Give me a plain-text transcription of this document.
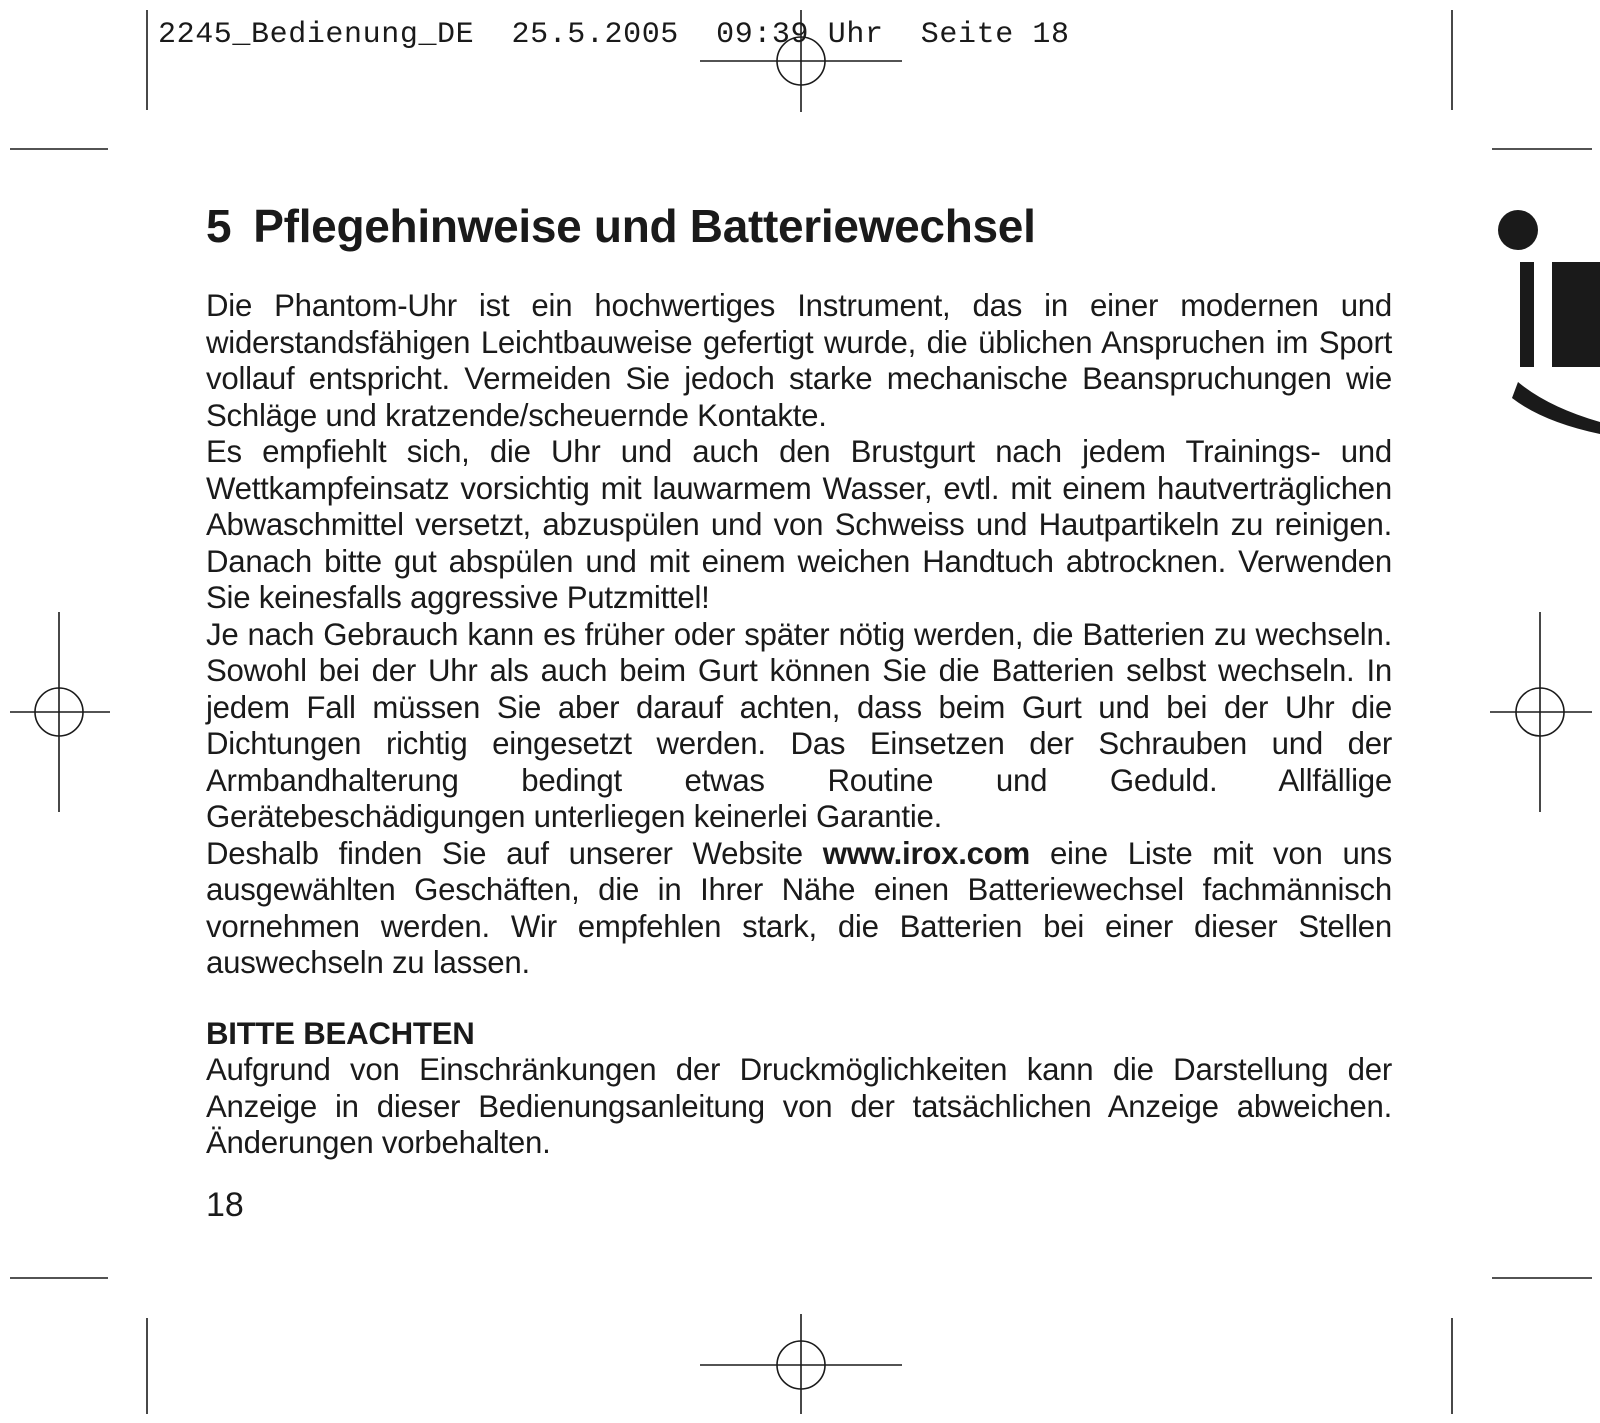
2245_Bedienung_DE 25.5.2005 09:39 Uhr Seite 18
5 Pflegehinweise und Batteriewechsel

Die Phantom-Uhr ist ein hochwertiges Instrument, das in einer modernen und widerstandsfähigen Leichtbauweise gefertigt wurde, die üblichen Anspruchen im Sport vollauf entspricht. Vermeiden Sie jedoch starke mechanische Beanspruchungen wie Schläge und kratzende/scheuernde Kontakte.

Es empfiehlt sich, die Uhr und auch den Brustgurt nach jedem Trainings- und Wettkampfeinsatz vorsichtig mit lauwarmem Wasser, evtl. mit einem hautverträglichen Abwaschmittel versetzt, abzuspülen und von Schweiss und Hautpartikeln zu reinigen. Danach bitte gut abspülen und mit einem weichen Handtuch abtrocknen. Verwenden Sie keinesfalls aggressive Putzmittel!

Je nach Gebrauch kann es früher oder später nötig werden, die Batterien zu wechseln. Sowohl bei der Uhr als auch beim Gurt können Sie die Batterien selbst wechseln. In jedem Fall müssen Sie aber darauf achten, dass beim Gurt und bei der Uhr die Dichtungen richtig eingesetzt werden. Das Einsetzen der Schrauben und der Armbandhalterung bedingt etwas Routine und Geduld. Allfällige Gerätebeschädigungen unterliegen keinerlei Garantie.

Deshalb finden Sie auf unserer Website www.irox.com eine Liste mit von uns ausgewählten Geschäften, die in Ihrer Nähe einen Batteriewechsel fachmännisch vornehmen werden. Wir empfehlen stark, die Batterien bei einer dieser Stellen auswechseln zu lassen.

BITTE BEACHTEN

Aufgrund von Einschränkungen der Druckmöglichkeiten kann die Darstellung der Anzeige in dieser Bedienungsanleitung von der tatsächlichen Anzeige abweichen. Änderungen vorbehalten.

18
